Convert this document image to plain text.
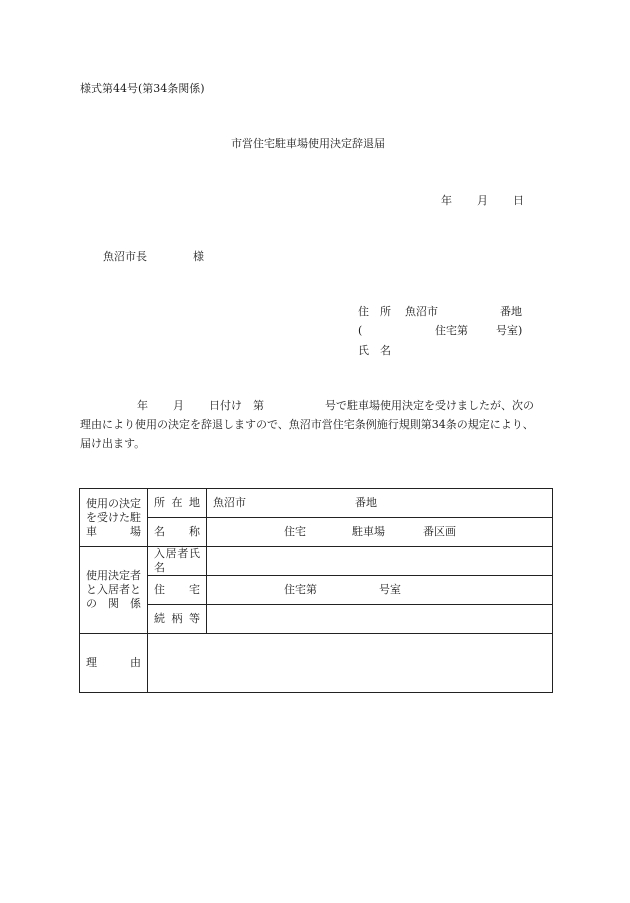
様式第44号(第34条関係)
市営住宅駐車場使用決定辞退届
年 月 日
魚沼市長	様
住　所 魚沼市	番地
(	住宅第	号室)
氏　名
年 月 日付け　第	号で駐車場使用決定を受けましたが、次の
理由により使用の決定を辞退しますので、魚沼市営住宅条例施行規則第34条の規定により、
届け出ます。
使用の決定を受けた駐車場	所在地	魚沼市 番地

	名称	住宅 駐車場 番区画

使用決定者と入居者との関係	入居者氏名	
	住宅	住宅第 号室

	続柄等	
理由		
